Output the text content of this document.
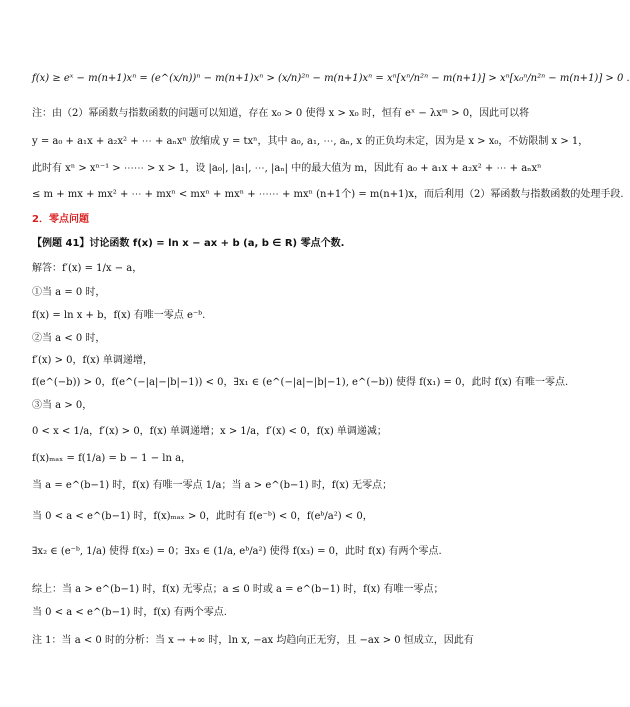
f(x) ≥ eˣ − m(n+1)xⁿ = (e^(x/n))ⁿ − m(n+1)xⁿ > (x/n)²ⁿ − m(n+1)xⁿ = xⁿ[xⁿ/n²ⁿ − m(n+1)] > xⁿ[x₀ⁿ/n²ⁿ − m(n+1)] > 0 .
注：由（2）幂函数与指数函数的问题可以知道，存在 x₀ > 0 使得 x > x₀ 时，恒有 eˣ − λxᵐ > 0，因此可以将
y = a₀ + a₁x + a₂x² + ⋯ + aₙxⁿ 放缩成 y = txⁿ，其中 a₀, a₁, ⋯, aₙ, x 的正负均未定，因为是 x > x₀，不妨限制 x > 1，
此时有 xⁿ > xⁿ⁻¹ > ⋯⋯ > x > 1，设 |a₀|, |a₁|, ⋯, |aₙ| 中的最大值为 m，因此有 a₀ + a₁x + a₂x² + ⋯ + aₙxⁿ
≤ m + mx + mx² + ⋯ + mxⁿ < mxⁿ + mxⁿ + ⋯⋯ + mxⁿ (n+1个) = m(n+1)x，而后利用（2）幂函数与指数函数的处理手段.
2．零点问题
【例题 41】讨论函数 f(x) = ln x − ax + b (a, b ∈ R) 零点个数.
解答：f′(x) = 1/x − a，
①当 a = 0 时，
f(x) = ln x + b，f(x) 有唯一零点 e⁻ᵇ.
②当 a < 0 时，
f′(x) > 0，f(x) 单调递增，
f(e^(−b)) > 0，f(e^(−|a|−|b|−1)) < 0，∃x₁ ∈ (e^(−|a|−|b|−1), e^(−b)) 使得 f(x₁) = 0，此时 f(x) 有唯一零点.
③当 a > 0，
0 < x < 1/a，f′(x) > 0，f(x) 单调递增；x > 1/a，f′(x) < 0，f(x) 单调递减；
f(x)ₘₐₓ = f(1/a) = b − 1 − ln a，
当 a = e^(b−1) 时，f(x) 有唯一零点 1/a；当 a > e^(b−1) 时，f(x) 无零点；
当 0 < a < e^(b−1) 时，f(x)ₘₐₓ > 0，此时有 f(e⁻ᵇ) < 0，f(eᵇ/a²) < 0，
∃x₂ ∈ (e⁻ᵇ, 1/a) 使得 f(x₂) = 0；∃x₃ ∈ (1/a, eᵇ/a²) 使得 f(x₃) = 0，此时 f(x) 有两个零点.
综上：当 a > e^(b−1) 时，f(x) 无零点；a ≤ 0 时或 a = e^(b−1) 时，f(x) 有唯一零点；
当 0 < a < e^(b−1) 时，f(x) 有两个零点.
注 1：当 a < 0 时的分析：当 x → +∞ 时，ln x, −ax 均趋向正无穷，且 −ax > 0 恒成立，因此有
